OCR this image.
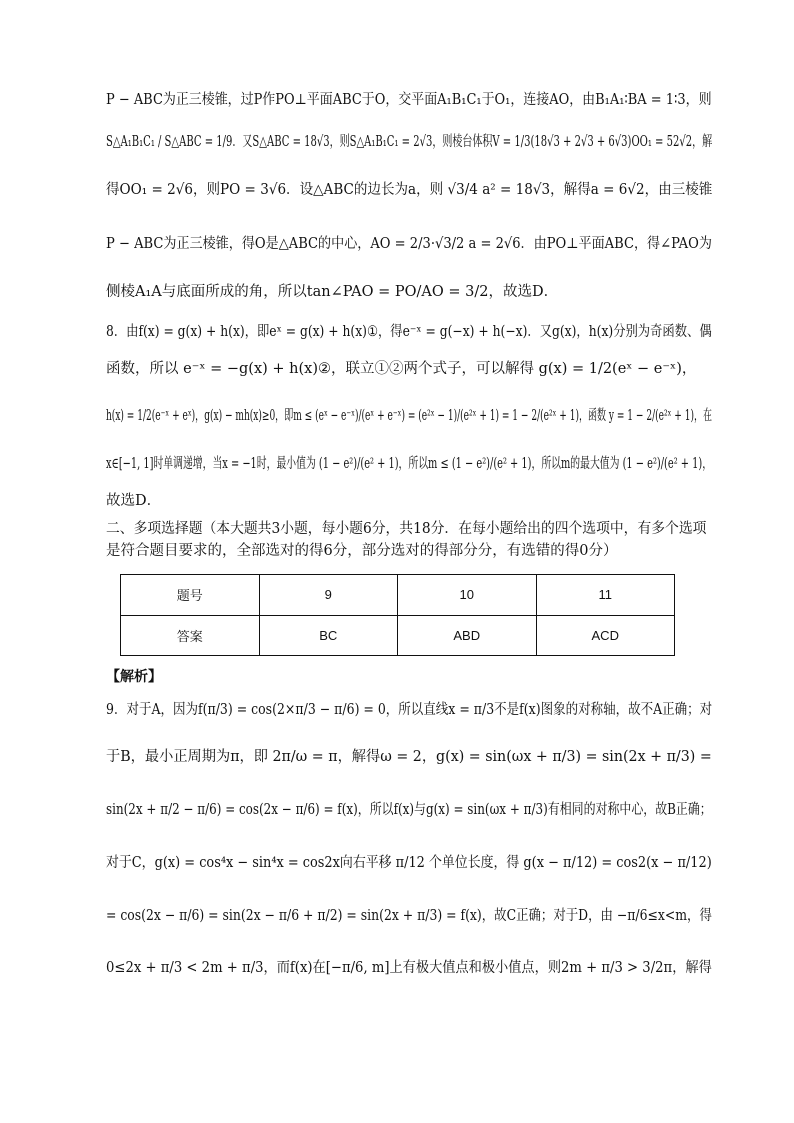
P − ABC为正三棱锥，过P作PO⊥平面ABC于O，交平面A₁B₁C₁于O₁，连接AO，由B₁A₁∶BA = 1∶3，则
S△A₁B₁C₁ / S△ABC = 1/9．又S△ABC = 18√3，则S△A₁B₁C₁ = 2√3，则棱台体积V = 1/3(18√3 + 2√3 + 6√3)OO₁ = 52√2，解
得OO₁ = 2√6，则PO = 3√6．设△ABC的边长为a，则 √3/4 a² = 18√3，解得a = 6√2，由三棱锥
P − ABC为正三棱锥，得O是△ABC的中心，AO = 2/3·√3/2 a = 2√6．由PO⊥平面ABC，得∠PAO为
侧棱A₁A与底面所成的角，所以tan∠PAO = PO/AO = 3/2，故选D．
8．由f(x) = g(x) + h(x)，即eˣ = g(x) + h(x)①，得e⁻ˣ = g(−x) + h(−x)．又g(x)，h(x)分别为奇函数、偶
函数，所以 e⁻ˣ = −g(x) + h(x)②，联立①②两个式子，可以解得 g(x) = 1/2(eˣ − e⁻ˣ)，
h(x) = 1/2(e⁻ˣ + eˣ)，g(x) − mh(x)≥0，即m ≤ (eˣ − e⁻ˣ)/(eˣ + e⁻ˣ) = (e²ˣ − 1)/(e²ˣ + 1) = 1 − 2/(e²ˣ + 1)，函数 y = 1 − 2/(e²ˣ + 1)，在
x∈[−1, 1]时单调递增，当x = −1时，最小值为 (1 − e²)/(e² + 1)，所以m ≤ (1 − e²)/(e² + 1)，所以m的最大值为 (1 − e²)/(e² + 1)，
故选D．
二、多项选择题（本大题共3小题，每小题6分，共18分．在每小题给出的四个选项中，有多个选项
是符合题目要求的，全部选对的得6分，部分选对的得部分分，有选错的得0分）
题号	9	10	11
答案	BC	ABD	ACD
【解析】
9．对于A，因为f(π/3) = cos(2×π/3 − π/6) = 0，所以直线x = π/3不是f(x)图象的对称轴，故不A正确；对
于B，最小正周期为π，即 2π/ω = π，解得ω = 2，g(x) = sin(ωx + π/3) = sin(2x + π/3) =
sin(2x + π/2 − π/6) = cos(2x − π/6) = f(x)，所以f(x)与g(x) = sin(ωx + π/3)有相同的对称中心，故B正确；
对于C，g(x) = cos⁴x − sin⁴x = cos2x向右平移 π/12 个单位长度，得 g(x − π/12) = cos2(x − π/12)
= cos(2x − π/6) = sin(2x − π/6 + π/2) = sin(2x + π/3) = f(x)，故C正确；对于D，由 −π/6≤x<m，得
0≤2x + π/3 < 2m + π/3，而f(x)在[−π/6, m]上有极大值点和极小值点，则2m + π/3 > 3/2π，解得
